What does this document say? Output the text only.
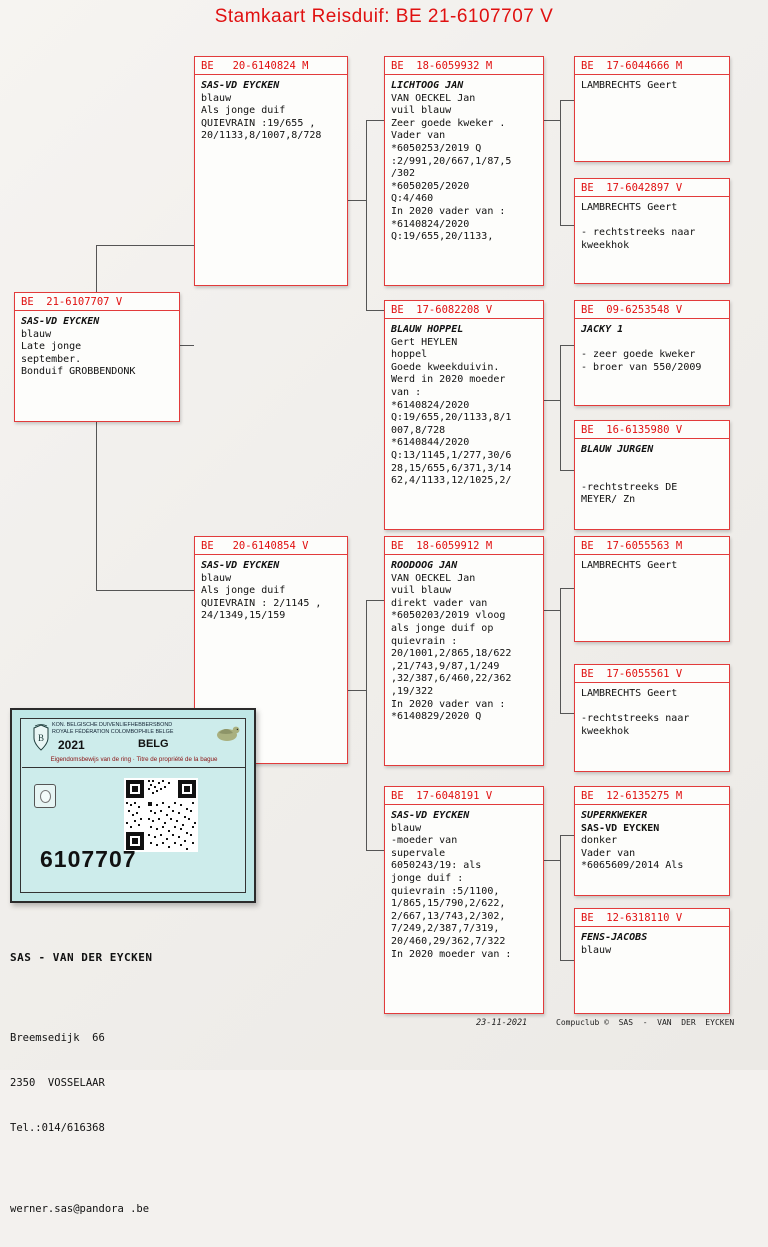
Stamkaart Reisduif: BE 21-6107707 V
BE  21-6107707 V
SAS-VD EYCKEN
blauw
Late jonge
september.
Bonduif GROBBENDONK
BE   20-6140824 M
SAS-VD EYCKEN
blauw
Als jonge duif
QUIEVRAIN :19/655 ,
20/1133,8/1007,8/728
BE   20-6140854 V
SAS-VD EYCKEN
blauw
Als jonge duif
QUIEVRAIN : 2/1145 ,
24/1349,15/159
BE  18-6059932 M
LICHTOOG JAN
VAN OECKEL Jan
vuil blauw
Zeer goede kweker .
Vader van
*6050253/2019 Q
:2/991,20/667,1/87,5
/302
*6050205/2020
Q:4/460
In 2020 vader van :
*6140824/2020
Q:19/655,20/1133,
BE  17-6082208 V
BLAUW HOPPEL
Gert HEYLEN
hoppel
Goede kweekduivin.
Werd in 2020 moeder
van :
*6140824/2020
Q:19/655,20/1133,8/1
007,8/728
*6140844/2020
Q:13/1145,1/277,30/6
28,15/655,6/371,3/14
62,4/1133,12/1025,2/
BE  18-6059912 M
ROODOOG JAN
VAN OECKEL Jan
vuil blauw
direkt vader van
*6050203/2019 vloog
als jonge duif op
quievrain :
20/1001,2/865,18/622
,21/743,9/87,1/249
,32/387,6/460,22/362
,19/322
In 2020 vader van :
*6140829/2020 Q
BE  17-6048191 V
SAS-VD EYCKEN
blauw
-moeder van
supervale
6050243/19: als
jonge duif :
quievrain :5/1100,
1/865,15/790,2/622,
2/667,13/743,2/302,
7/249,2/387,7/319,
20/460,29/362,7/322
In 2020 moeder van :
BE  17-6044666 M
LAMBRECHTS Geert
BE  17-6042897 V
LAMBRECHTS Geert

- rechtstreeks naar
kweekhok
BE  09-6253548 V
JACKY 1

- zeer goede kweker
- broer van 550/2009
BE  16-6135980 V
BLAUW JURGEN

-rechtstreeks DE
MEYER/ Zn
BE  17-6055563 M
LAMBRECHTS Geert
BE  17-6055561 V
LAMBRECHTS Geert

-rechtstreeks naar
kweekhok
BE  12-6135275 M
SUPERKWEKER
SAS-VD EYCKEN
donker
Vader van
*6065609/2014 Als
BE  12-6318110 V
FENS-JACOBS
blauw
B
KON. BELGISCHE DUIVENLIEFHEBBERSBOND
ROYALE FÉDÉRATION COLOMBOPHILE BELGE
2021	BELG
Eigendomsbewijs van de ring · Titre de propriété de la bague
6107707

SAS - VAN DER EYCKEN

Breemsedijk  66

2350  VOSSELAAR

Tel.:014/616368

werner.sas@pandora .be

23-11-2021	Compuclub ©  SAS  -  VAN  DER  EYCKEN
